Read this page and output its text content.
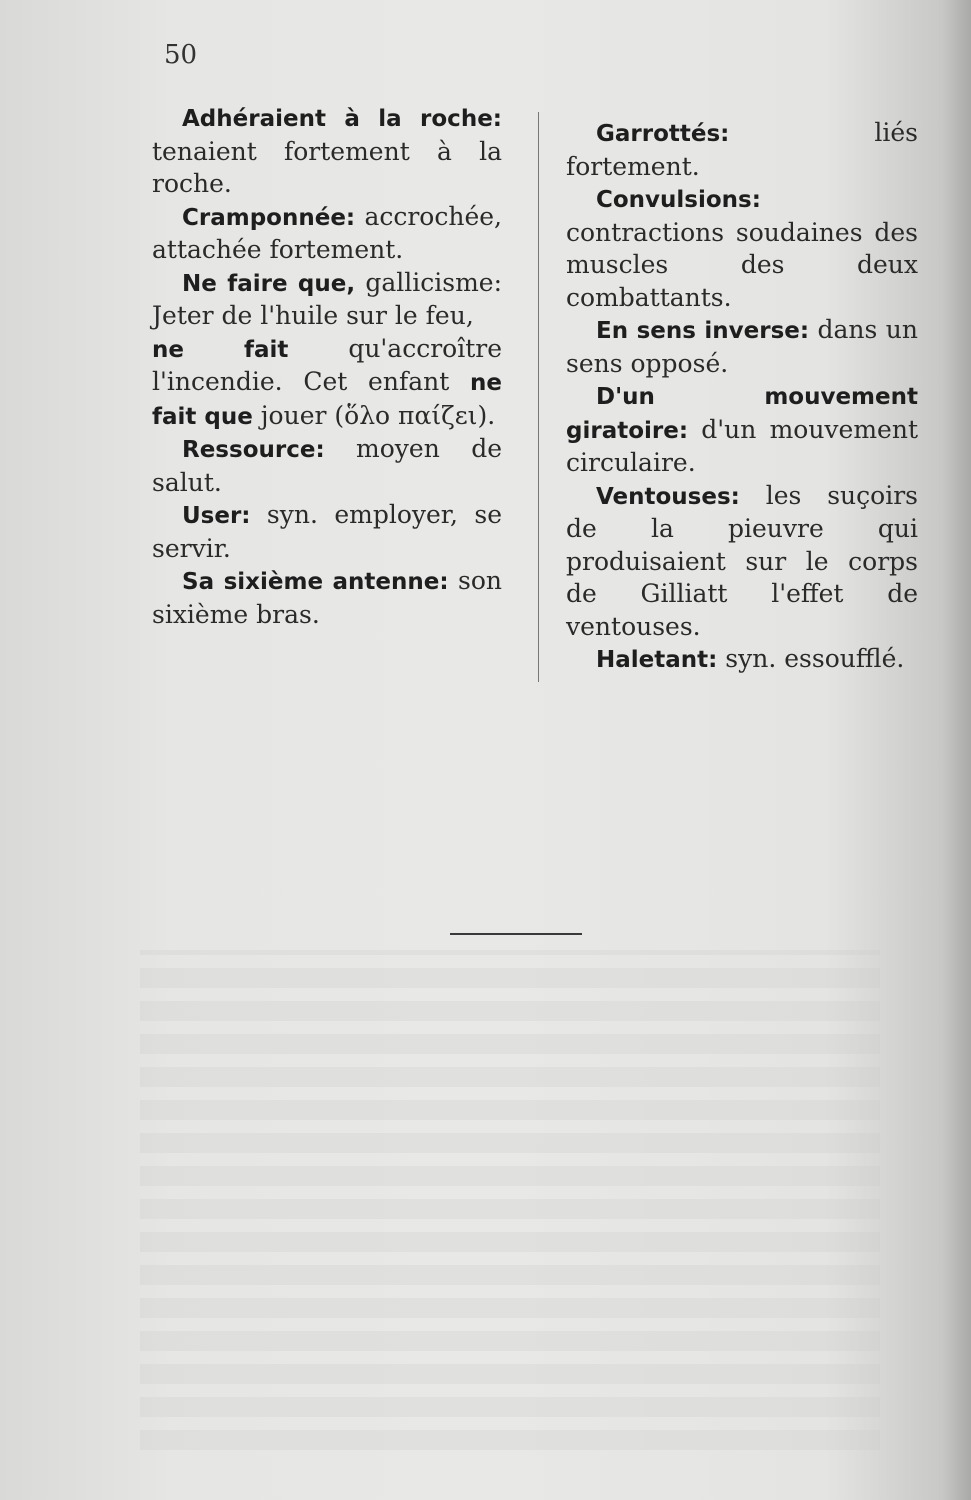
50

Adhéraient à la roche: tenaient fortement à la roche.

Cramponnée: accrochée, attachée fortement.

Ne faire que, gallicisme: Jeter de l'huile sur le feu,

ne fait qu'accroître l'incendie. Cet enfant ne fait que jouer (ὅλο παίζει).

Ressource: moyen de salut.

User: syn. employer, se servir.

Sa sixième antenne: son sixième bras.

Garrottés: liés fortement.

Convulsions: contractions soudaines des muscles des deux combattants.

En sens inverse: dans un sens opposé.

D'un mouvement giratoire: d'un mouvement circulaire.

Ventouses: les suçoirs de la pieuvre qui produisaient sur le corps de Gilliatt l'effet de ventouses.

Haletant: syn. essoufflé.
